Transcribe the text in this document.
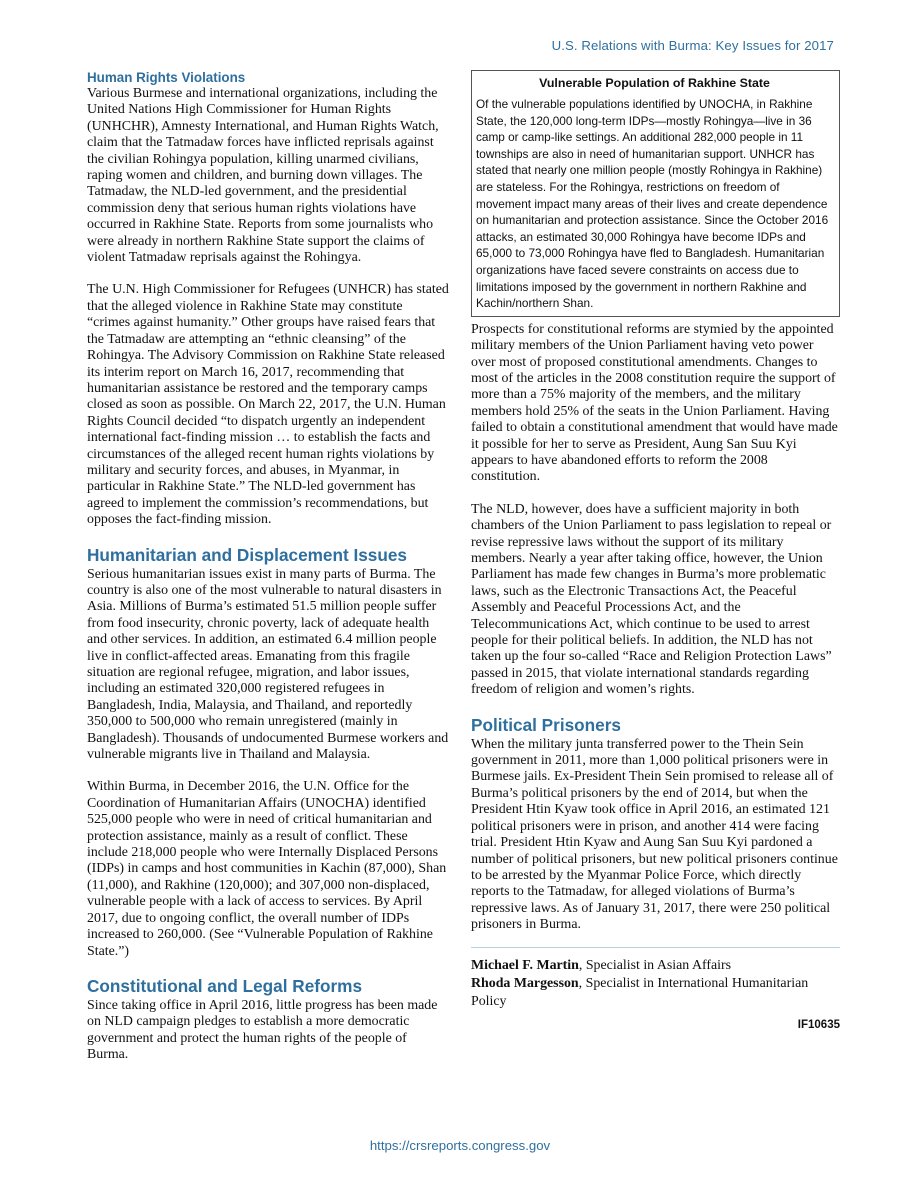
U.S. Relations with Burma: Key Issues for 2017
Human Rights Violations

Various Burmese and international organizations, including the United Nations High Commissioner for Human Rights (UNHCHR), Amnesty International, and Human Rights Watch, claim that the Tatmadaw forces have inflicted reprisals against the civilian Rohingya population, killing unarmed civilians, raping women and children, and burning down villages. The Tatmadaw, the NLD-led government, and the presidential commission deny that serious human rights violations have occurred in Rakhine State. Reports from some journalists who were already in northern Rakhine State support the claims of violent Tatmadaw reprisals against the Rohingya.

The U.N. High Commissioner for Refugees (UNHCR) has stated that the alleged violence in Rakhine State may constitute “crimes against humanity.” Other groups have raised fears that the Tatmadaw are attempting an “ethnic cleansing” of the Rohingya. The Advisory Commission on Rakhine State released its interim report on March 16, 2017, recommending that humanitarian assistance be restored and the temporary camps closed as soon as possible. On March 22, 2017, the U.N. Human Rights Council decided “to dispatch urgently an independent international fact-finding mission … to establish the facts and circumstances of the alleged recent human rights violations by military and security forces, and abuses, in Myanmar, in particular in Rakhine State.” The NLD-led government has agreed to implement the commission’s recommendations, but opposes the fact-finding mission.

Humanitarian and Displacement Issues

Serious humanitarian issues exist in many parts of Burma. The country is also one of the most vulnerable to natural disasters in Asia. Millions of Burma’s estimated 51.5 million people suffer from food insecurity, chronic poverty, lack of adequate health and other services. In addition, an estimated 6.4 million people live in conflict-affected areas. Emanating from this fragile situation are regional refugee, migration, and labor issues, including an estimated 320,000 registered refugees in Bangladesh, India, Malaysia, and Thailand, and reportedly 350,000 to 500,000 who remain unregistered (mainly in Bangladesh). Thousands of undocumented Burmese workers and vulnerable migrants live in Thailand and Malaysia.

Within Burma, in December 2016, the U.N. Office for the Coordination of Humanitarian Affairs (UNOCHA) identified 525,000 people who were in need of critical humanitarian and protection assistance, mainly as a result of conflict. These include 218,000 people who were Internally Displaced Persons (IDPs) in camps and host communities in Kachin (87,000), Shan (11,000), and Rakhine (120,000); and 307,000 non-displaced, vulnerable people with a lack of access to services. By April 2017, due to ongoing conflict, the overall number of IDPs increased to 260,000. (See “Vulnerable Population of Rakhine State.”)

Constitutional and Legal Reforms

Since taking office in April 2016, little progress has been made on NLD campaign pledges to establish a more democratic government and protect the human rights of the people of Burma.

Vulnerable Population of Rakhine State

Of the vulnerable populations identified by UNOCHA, in Rakhine State, the 120,000 long-term IDPs—mostly Rohingya—live in 36 camp or camp-like settings. An additional 282,000 people in 11 townships are also in need of humanitarian support. UNHCR has stated that nearly one million people (mostly Rohingya in Rakhine) are stateless. For the Rohingya, restrictions on freedom of movement impact many areas of their lives and create dependence on humanitarian and protection assistance. Since the October 2016 attacks, an estimated 30,000 Rohingya have become IDPs and 65,000 to 73,000 Rohingya have fled to Bangladesh. Humanitarian organizations have faced severe constraints on access due to limitations imposed by the government in northern Rakhine and Kachin/northern Shan.

Prospects for constitutional reforms are stymied by the appointed military members of the Union Parliament having veto power over most of proposed constitutional amendments. Changes to most of the articles in the 2008 constitution require the support of more than a 75% majority of the members, and the military members hold 25% of the seats in the Union Parliament. Having failed to obtain a constitutional amendment that would have made it possible for her to serve as President, Aung San Suu Kyi appears to have abandoned efforts to reform the 2008 constitution.

The NLD, however, does have a sufficient majority in both chambers of the Union Parliament to pass legislation to repeal or revise repressive laws without the support of its military members. Nearly a year after taking office, however, the Union Parliament has made few changes in Burma’s more problematic laws, such as the Electronic Transactions Act, the Peaceful Assembly and Peaceful Processions Act, and the Telecommunications Act, which continue to be used to arrest people for their political beliefs. In addition, the NLD has not taken up the four so-called “Race and Religion Protection Laws” passed in 2015, that violate international standards regarding freedom of religion and women’s rights.

Political Prisoners

When the military junta transferred power to the Thein Sein government in 2011, more than 1,000 political prisoners were in Burmese jails. Ex-President Thein Sein promised to release all of Burma’s political prisoners by the end of 2014, but when the President Htin Kyaw took office in April 2016, an estimated 121 political prisoners were in prison, and another 414 were facing trial. President Htin Kyaw and Aung San Suu Kyi pardoned a number of political prisoners, but new political prisoners continue to be arrested by the Myanmar Police Force, which directly reports to the Tatmadaw, for alleged violations of Burma’s repressive laws. As of January 31, 2017, there were 250 political prisoners in Burma.

Michael F. Martin, Specialist in Asian Affairs

Rhoda Margesson, Specialist in International Humanitarian Policy

IF10635
https://crsreports.congress.gov
